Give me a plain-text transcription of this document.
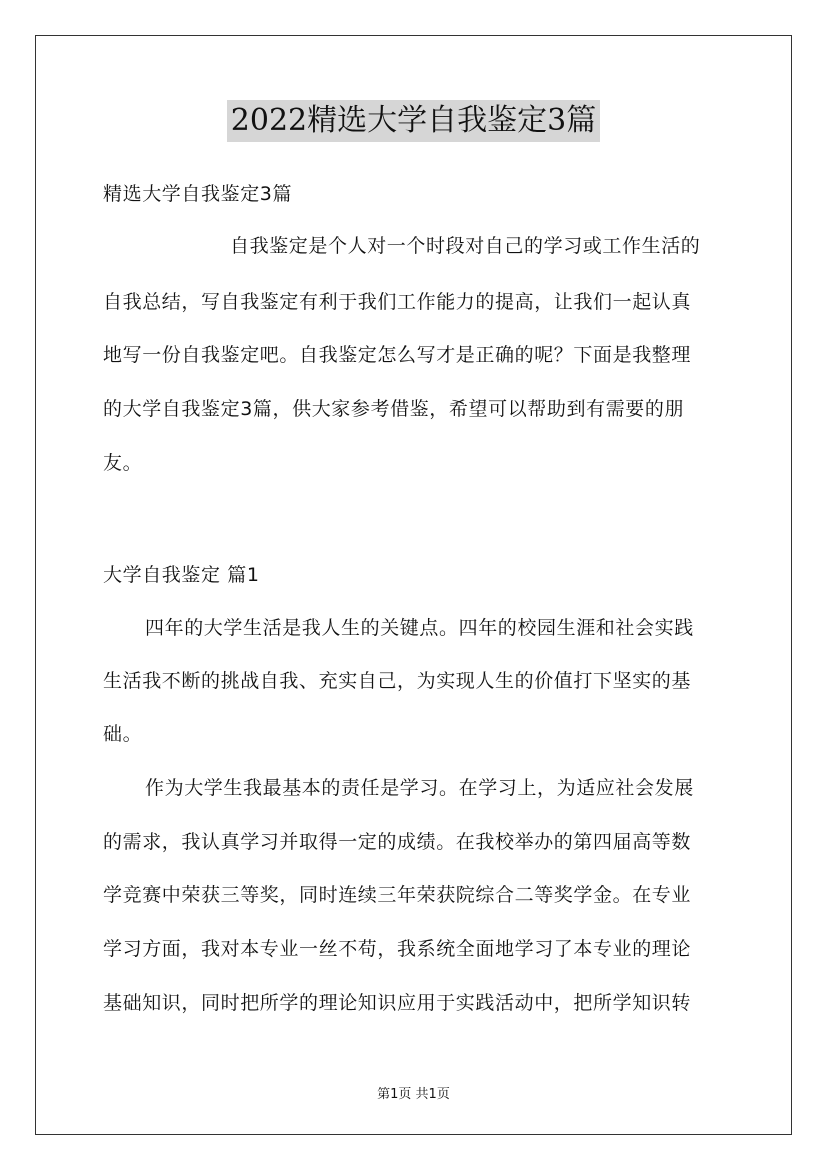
2022精选大学自我鉴定3篇
精选大学自我鉴定3篇
自我鉴定是个人对一个时段对自己的学习或工作生活的
自我总结，写自我鉴定有利于我们工作能力的提高，让我们一起认真
地写一份自我鉴定吧。自我鉴定怎么写才是正确的呢？下面是我整理
的大学自我鉴定3篇，供大家参考借鉴，希望可以帮助到有需要的朋
友。
大学自我鉴定 篇1
四年的大学生活是我人生的关键点。四年的校园生涯和社会实践
生活我不断的挑战自我、充实自己，为实现人生的价值打下坚实的基
础。
作为大学生我最基本的责任是学习。在学习上，为适应社会发展
的需求，我认真学习并取得一定的成绩。在我校举办的第四届高等数
学竞赛中荣获三等奖，同时连续三年荣获院综合二等奖学金。在专业
学习方面，我对本专业一丝不苟，我系统全面地学习了本专业的理论
基础知识，同时把所学的理论知识应用于实践活动中，把所学知识转
第1页 共1页
